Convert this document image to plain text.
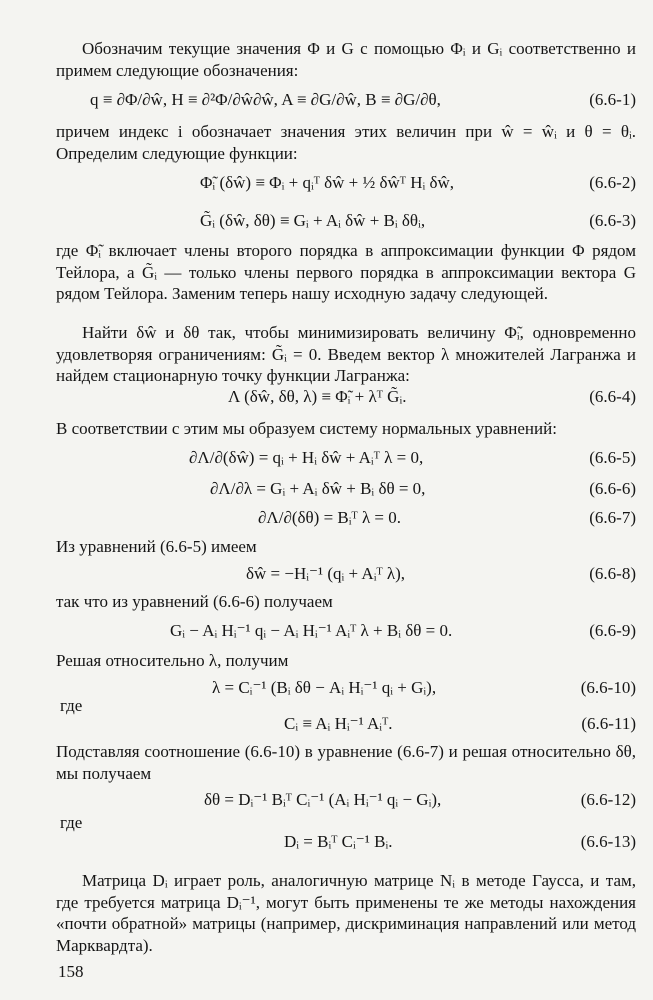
Обозначим текущие значения Φ и G с помощью Φᵢ и Gᵢ соответственно и примем следующие обозначения:
q ≡ ∂Φ/∂ŵ, H ≡ ∂²Φ/∂ŵ∂ŵ, A ≡ ∂G/∂ŵ, B ≡ ∂G/∂θ,	(6.6-1)
причем индекс i обозначает значения этих величин при ŵ = ŵᵢ и θ = θᵢ. Определим следующие функции:
Φ̃ᵢ (δŵ) ≡ Φᵢ + qᵢᵀ δŵ + ½ δŵᵀ Hᵢ δŵ,	(6.6-2)
G̃ᵢ (δŵ, δθ) ≡ Gᵢ + Aᵢ δŵ + Bᵢ δθᵢ,	(6.6-3)
где Φ̃ᵢ включает члены второго порядка в аппроксимации функции Φ рядом Тейлора, а G̃ᵢ — только члены первого порядка в аппроксимации вектора G рядом Тейлора. Заменим теперь нашу исходную задачу следующей.
Найти δŵ и δθ так, чтобы минимизировать величину Φ̃ᵢ, одновременно удовлетворяя ограничениям: G̃ᵢ = 0. Введем вектор λ множителей Лагранжа и найдем стационарную точку функции Лагранжа:
Λ (δŵ, δθ, λ) ≡ Φ̃ᵢ + λᵀ G̃ᵢ.	(6.6-4)
В соответствии с этим мы образуем систему нормальных уравнений:
∂Λ/∂(δŵ) = qᵢ + Hᵢ δŵ + Aᵢᵀ λ = 0,	(6.6-5)
∂Λ/∂λ = Gᵢ + Aᵢ δŵ + Bᵢ δθ = 0,	(6.6-6)
∂Λ/∂(δθ) = Bᵢᵀ λ = 0.	(6.6-7)
Из уравнений (6.6-5) имеем
δŵ = −Hᵢ⁻¹ (qᵢ + Aᵢᵀ λ),	(6.6-8)
так что из уравнений (6.6-6) получаем
Gᵢ − Aᵢ Hᵢ⁻¹ qᵢ − Aᵢ Hᵢ⁻¹ Aᵢᵀ λ + Bᵢ δθ = 0.	(6.6-9)
Решая относительно λ, получим
λ = Cᵢ⁻¹ (Bᵢ δθ − Aᵢ Hᵢ⁻¹ qᵢ + Gᵢ),	(6.6-10)
где
Cᵢ ≡ Aᵢ Hᵢ⁻¹ Aᵢᵀ.	(6.6-11)
Подставляя соотношение (6.6-10) в уравнение (6.6-7) и решая относительно δθ, мы получаем
δθ = Dᵢ⁻¹ Bᵢᵀ Cᵢ⁻¹ (Aᵢ Hᵢ⁻¹ qᵢ − Gᵢ),	(6.6-12)
где
Dᵢ = Bᵢᵀ Cᵢ⁻¹ Bᵢ.	(6.6-13)
Матрица Dᵢ играет роль, аналогичную матрице Nᵢ в методе Гаусса, и там, где требуется матрица Dᵢ⁻¹, могут быть применены те же методы нахождения «почти обратной» матрицы (например, дискриминация направлений или метод Марквардта).
158
